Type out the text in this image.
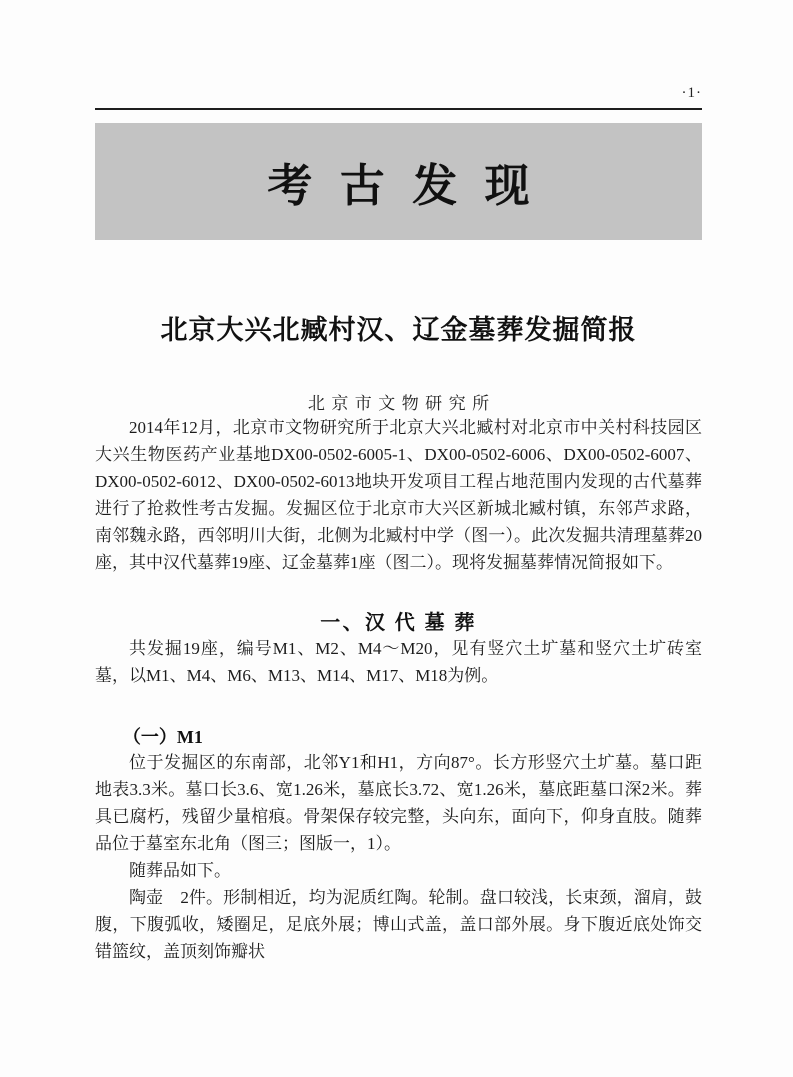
·1·
考 古 发 现
北京大兴北臧村汉、辽金墓葬发掘简报
北京市文物研究所

2014年12月，北京市文物研究所于北京大兴北臧村对北京市中关村科技园区大兴生物医药产业基地DX00-0502-6005-1、DX00-0502-6006、DX00-0502-6007、DX00-0502-6012、DX00-0502-6013地块开发项目工程占地范围内发现的古代墓葬进行了抢救性考古发掘。发掘区位于北京市大兴区新城北臧村镇，东邻芦求路，南邻魏永路，西邻明川大街，北侧为北臧村中学（图一）。此次发掘共清理墓葬20座，其中汉代墓葬19座、辽金墓葬1座（图二）。现将发掘墓葬情况简报如下。

一、汉 代 墓 葬

共发掘19座，编号M1、M2、M4～M20，见有竖穴土圹墓和竖穴土圹砖室墓，以M1、M4、M6、M13、M14、M17、M18为例。

（一）M1

位于发掘区的东南部，北邻Y1和H1，方向87°。长方形竖穴土圹墓。墓口距地表3.3米。墓口长3.6、宽1.26米，墓底长3.72、宽1.26米，墓底距墓口深2米。葬具已腐朽，残留少量棺痕。骨架保存较完整，头向东，面向下，仰身直肢。随葬品位于墓室东北角（图三；图版一，1）。

随葬品如下。

陶壶　2件。形制相近，均为泥质红陶。轮制。盘口较浅，长束颈，溜肩，鼓腹，下腹弧收，矮圈足，足底外展；博山式盖，盖口部外展。身下腹近底处饰交错篮纹，盖顶刻饰瓣状
